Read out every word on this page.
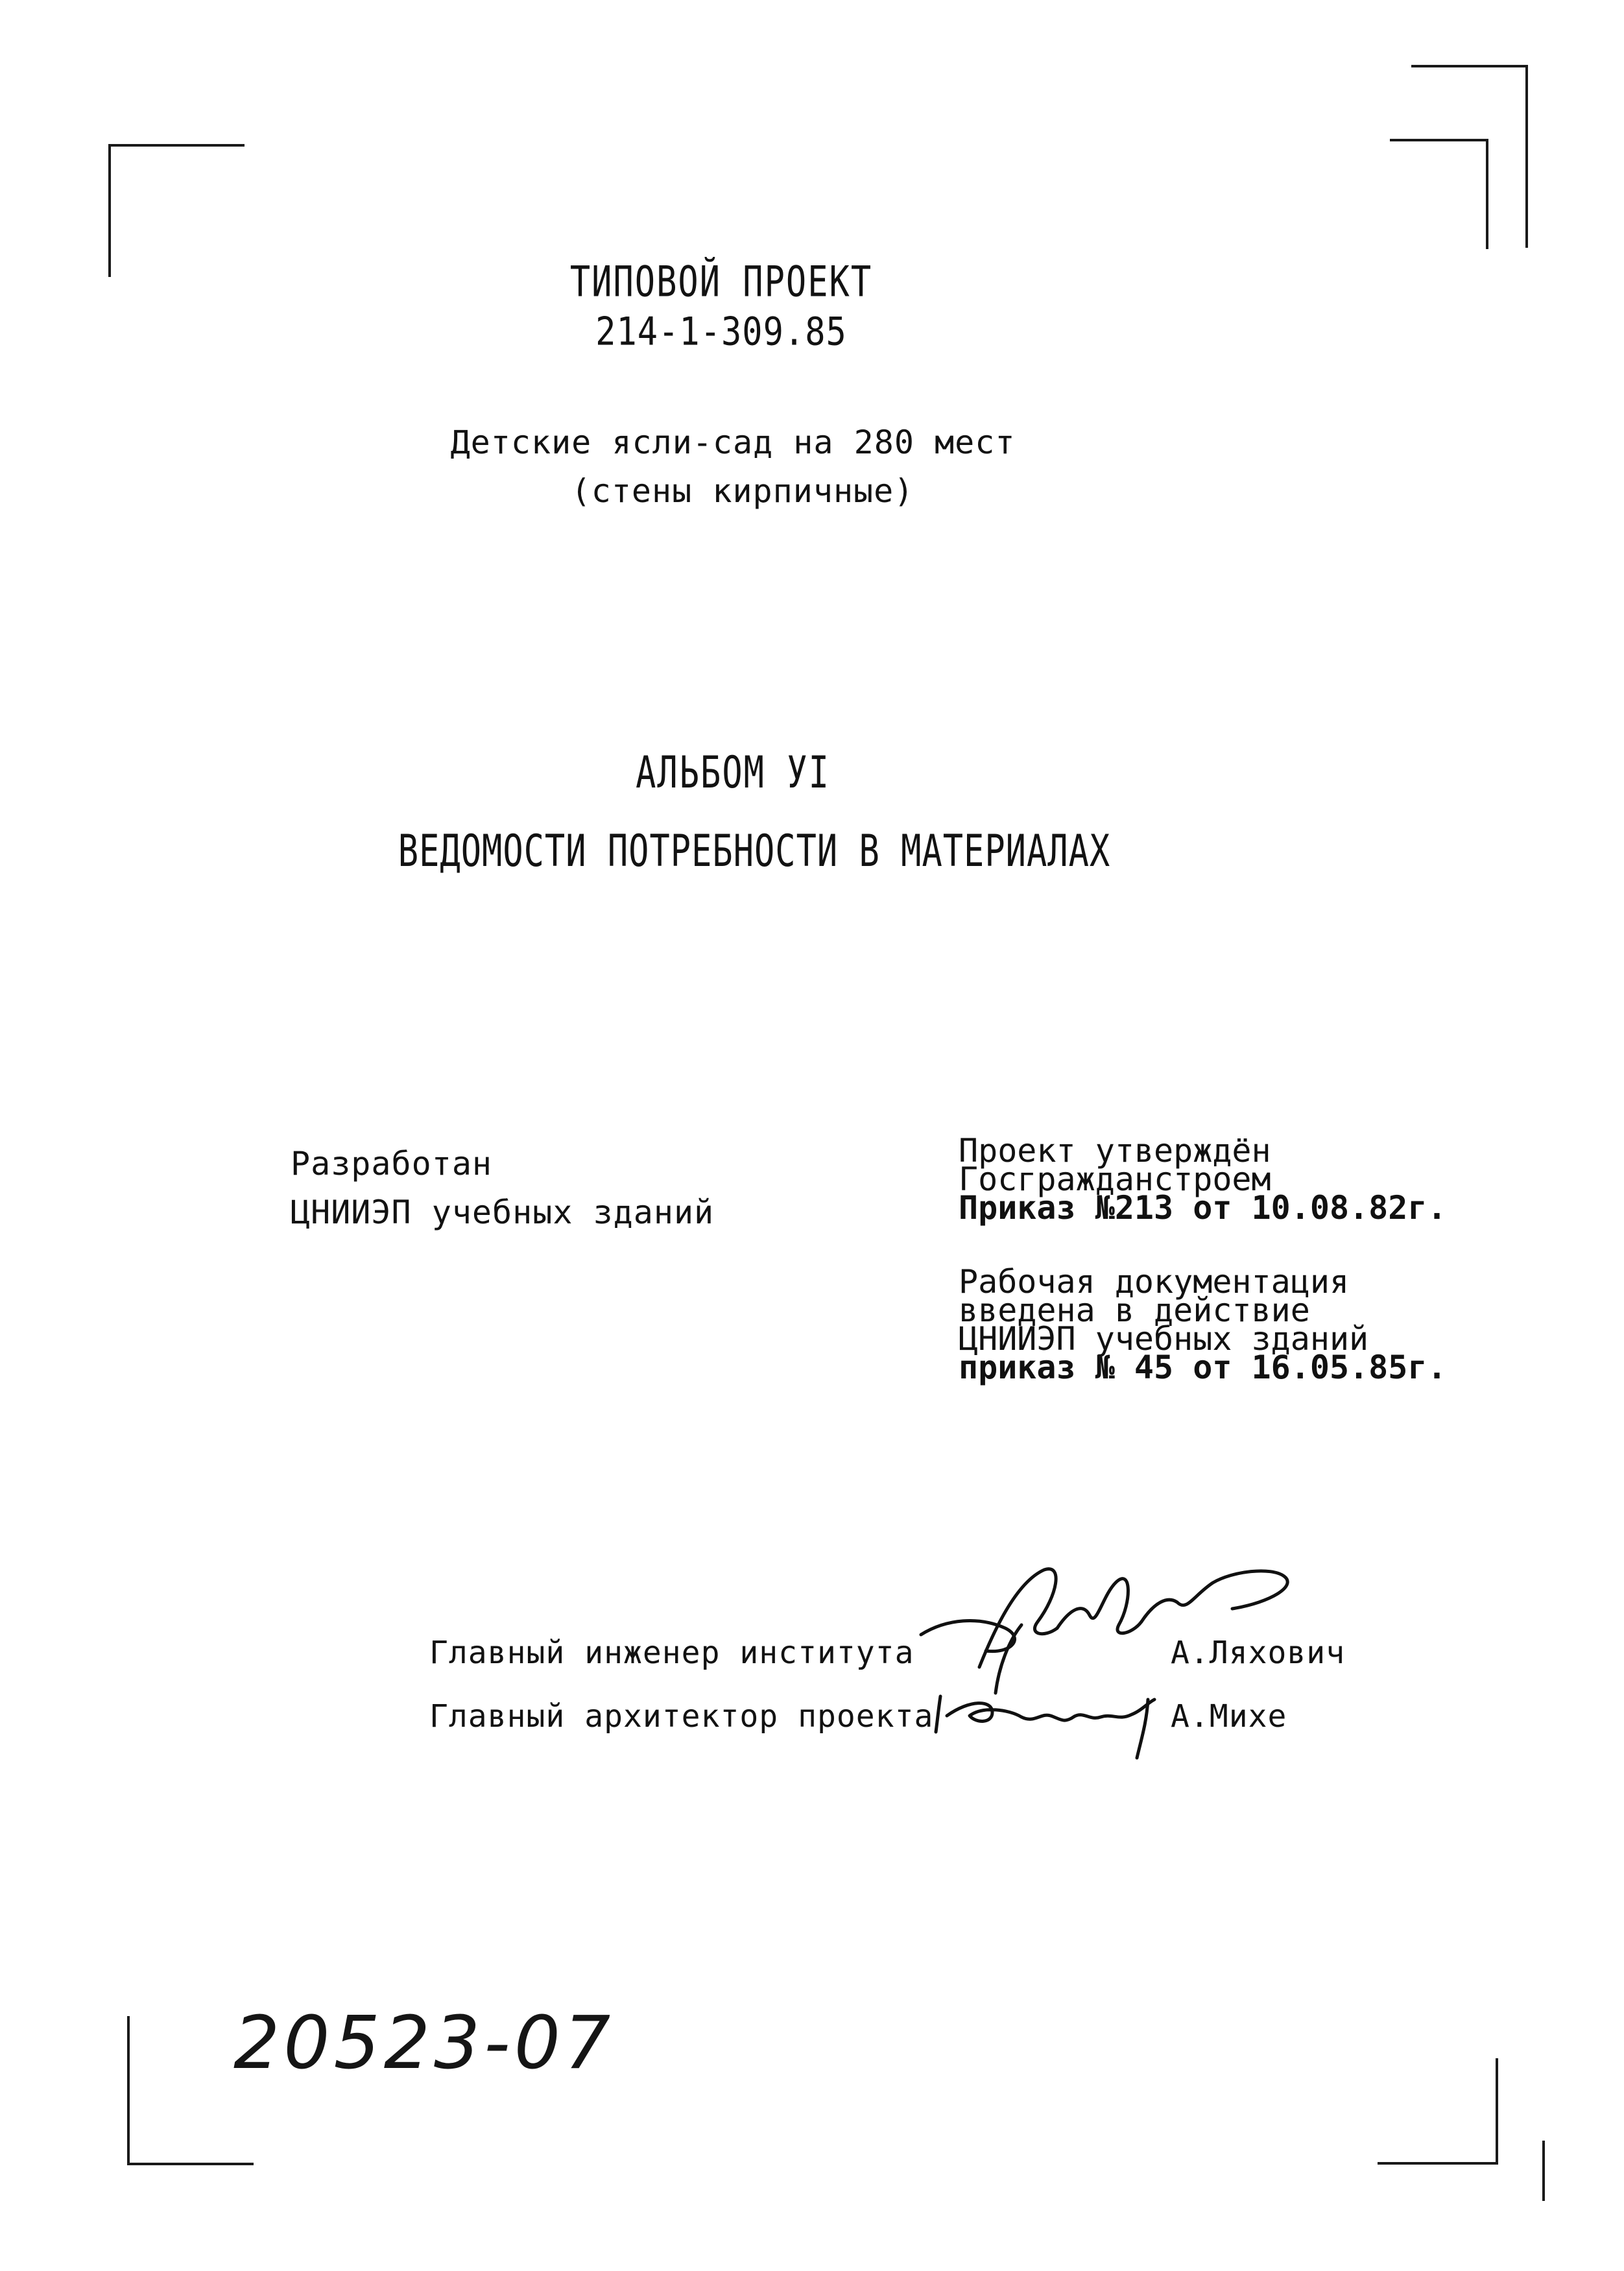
ТИПОВОЙ ПРОЕКТ
214-1-309.85
Детские ясли-сад на 280 мест
(стены кирпичные)
АЛЬБОМ УI
ВЕДОМОСТИ ПОТРЕБНОСТИ В МАТЕРИАЛАХ
Разработан
ЦНИИЭП учебных зданий
Проект утверждён
Госгражданстроем
Приказ №213 от 10.08.82г.
Рабочая документация
введена в действие
ЦНИИЭП учебных зданий
приказ № 45 от 16.05.85г.
Главный инженер института	А.Ляхович
Главный архитектор проекта	А.Михе
20523-07
